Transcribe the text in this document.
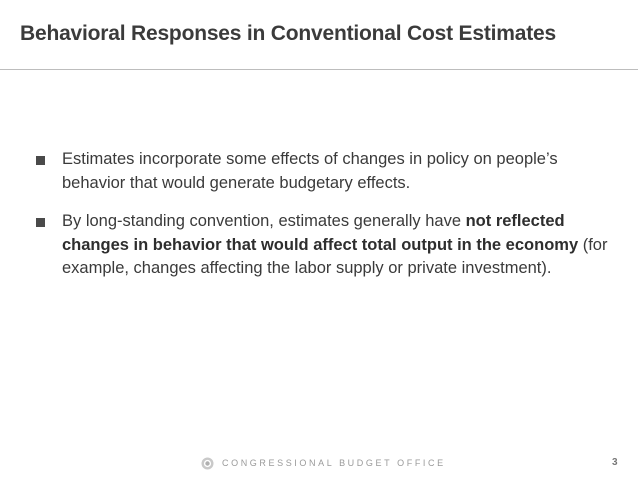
Behavioral Responses in Conventional Cost Estimates
Estimates incorporate some effects of changes in policy on people’s behavior that would generate budgetary effects.
By long-standing convention, estimates generally have not reflected changes in behavior that would affect total output in the economy (for example, changes affecting the labor supply or private investment).
CONGRESSIONAL BUDGET OFFICE	3
